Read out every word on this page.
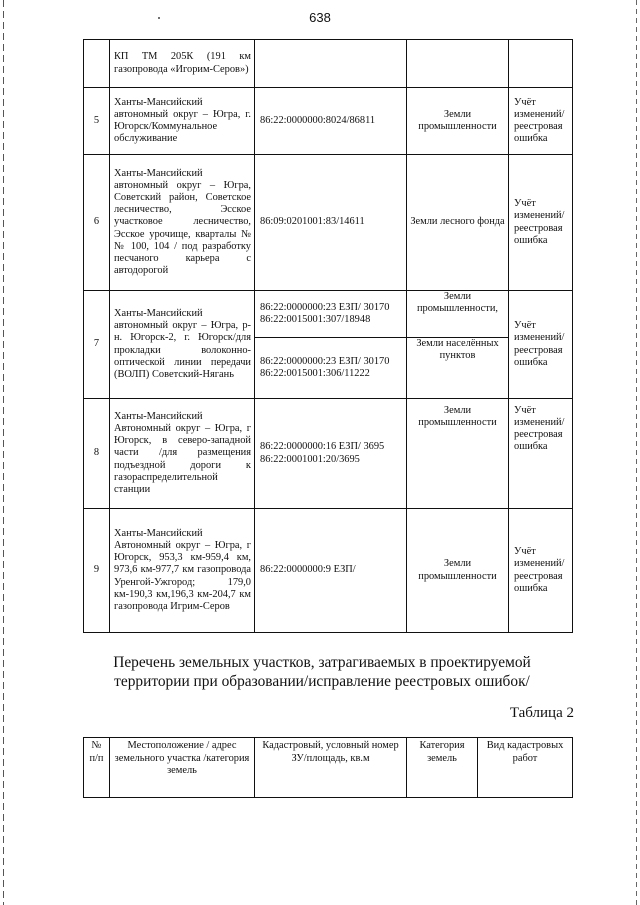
638
	КП ТМ 205К (191 км газопровода «Игорим-Серов»)			
5	Ханты-Мансийский автономный округ – Югра, г. Югорск/Коммунальное обслуживание	86:22:0000000:8024/86811	Земли промышленности	Учёт изменений/ реестровая ошибка
6	Ханты-Мансийский автономный округ – Югра, Советский район, Советское лесничество, Эсское участковое лесничество, Эсское урочище, кварталы №№ 100, 104 / под разработку песчаного карьера с автодорогой	86:09:0201001:83/14611	Земли лесного фонда	Учёт изменений/ реестровая ошибка
7	Ханты-Мансийский автономный округ – Югра, р-н. Югорск-2, г. Югорск/для прокладки волоконно-оптической линии передачи (ВОЛП) Советский-Нягань	86:22:0000000:23 ЕЗП/ 30170 86:22:0015001:307/18948	Земли промышленности,	Учёт изменений/ реестровая ошибка
		86:22:0000000:23 ЕЗП/ 30170 86:22:0015001:306/11222	Земли населённых пунктов	
8	Ханты-Мансийский Автономный округ – Югра, г Югорск, в северо-западной части /для размещения подъездной дороги к газораспределительной станции	86:22:0000000:16 ЕЗП/ 3695 86:22:0001001:20/3695	Земли промышленности	Учёт изменений/ реестровая ошибка
9	Ханты-Мансийский Автономный округ – Югра, г Югорск, 953,3 км-959,4 км, 973,6 км-977,7 км газопровода Уренгой-Ужгород; 179,0 км-190,3 км,196,3 км-204,7 км газопровода Игрим-Серов	86:22:0000000:9 ЕЗП/	Земли промышленности	Учёт изменений/ реестровая ошибка
Перечень земельных участков, затрагиваемых в проектируемой
территории при образовании/исправление реестровых ошибок/
Таблица 2
№ п/п	Местоположение / адрес земельного участка /категория земель	Кадастровый, условный номер ЗУ/площадь, кв.м	Категория земель	Вид кадастровых работ
